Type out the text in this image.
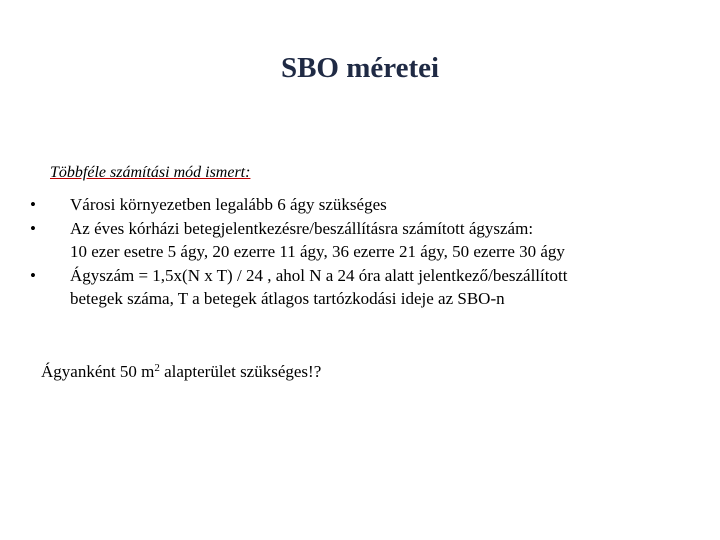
SBO méretei
Többféle számítási mód ismert:
•	Városi környezetben legalább 6 ágy szükséges
•	Az éves kórházi betegjelentkezésre/beszállításra számított ágyszám:
10 ezer esetre 5 ágy, 20 ezerre 11 ágy, 36 ezerre 21 ágy, 50 ezerre 30 ágy
•	Ágyszám = 1,5x(N x T) / 24 , ahol N a 24 óra alatt jelentkező/beszállított
betegek száma, T a betegek átlagos tartózkodási ideje az SBO-n
Ágyanként 50 $m^2$ alapterület szükséges!?
